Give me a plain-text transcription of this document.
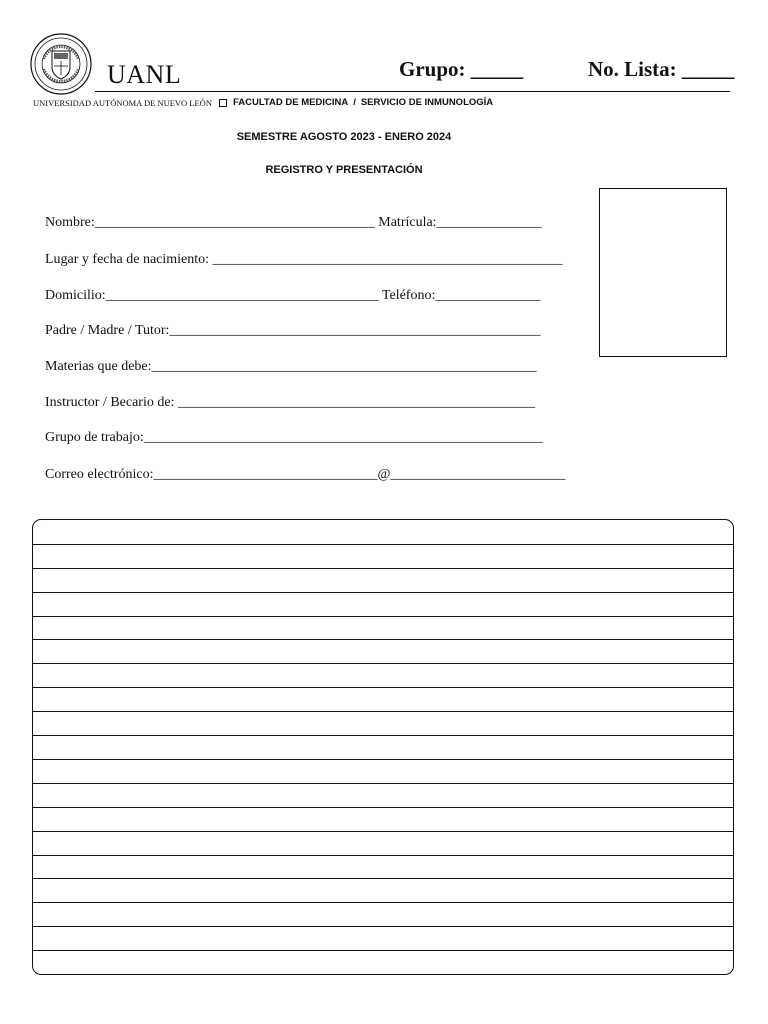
UANL	Grupo: _____	No. Lista: _____
UNIVERSIDAD AUTÓNOMA DE NUEVO LEÓN FACULTAD DE MEDICINA / SERVICIO DE INMUNOLOGÍA
SEMESTRE AGOSTO 2023 - ENERO 2024
REGISTRO Y PRESENTACIÓN
Nombre:________________________________________ Matrícula:_______________
Lugar y fecha de nacimiento: __________________________________________________
Domicilio:_______________________________________ Teléfono:_______________
Padre / Madre / Tutor:_____________________________________________________
Materias que debe:_______________________________________________________
Instructor / Becario de: ___________________________________________________
Grupo de trabajo:_________________________________________________________
Correo electrónico:________________________________@_________________________
